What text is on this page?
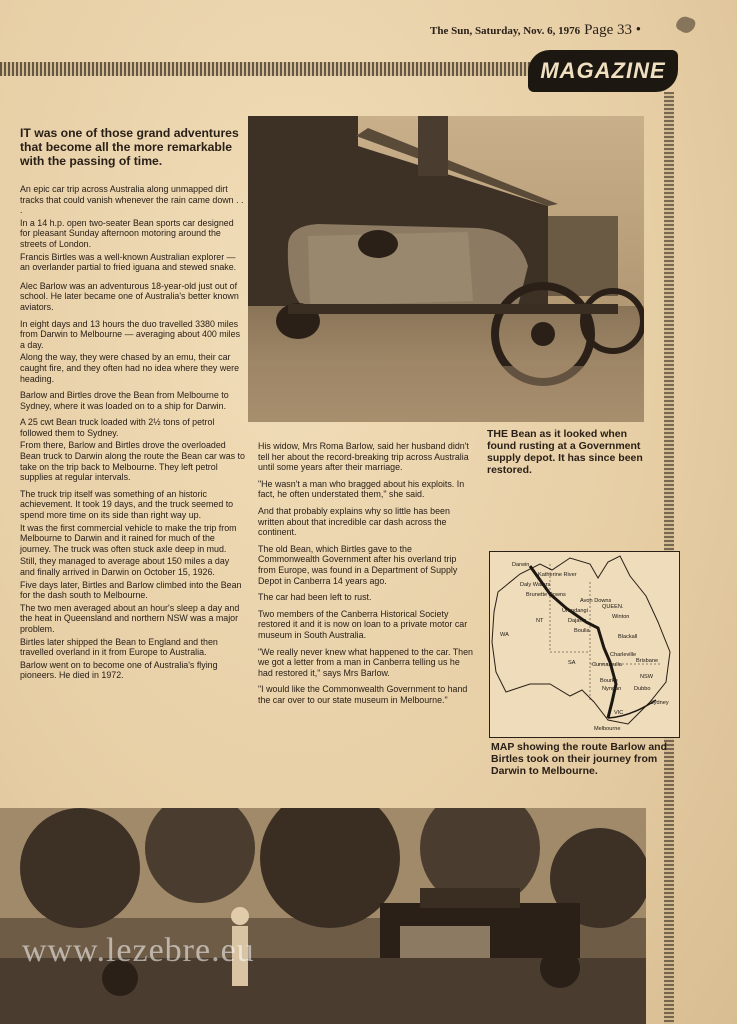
The Sun, Saturday, Nov. 6, 1976 Page 33 •
MAGAZINE
IT was one of those grand adventures that become all the more remarkable with the passing of time.

An epic car trip across Australia along unmapped dirt tracks that could vanish whenever the rain came down . . .

In a 14 h.p. open two-seater Bean sports car designed for pleasant Sunday afternoon motoring around the streets of London.

Francis Birtles was a well-known Australian explorer — an overlander partial to fried iguana and stewed snake.

Alec Barlow was an adventurous 18-year-old just out of school. He later became one of Australia's better known aviators.

In eight days and 13 hours the duo travelled 3380 miles from Darwin to Melbourne — averaging about 400 miles a day.

Along the way, they were chased by an emu, their car caught fire, and they often had no idea where they were heading.

Barlow and Birtles drove the Bean from Melbourne to Sydney, where it was loaded on to a ship for Darwin.

A 25 cwt Bean truck loaded with 2½ tons of petrol followed them to Sydney.

From there, Barlow and Birtles drove the overloaded Bean truck to Darwin along the route the Bean car was to take on the trip back to Melbourne. They left petrol supplies at regular intervals.

The truck trip itself was something of an historic achievement. It took 19 days, and the truck seemed to spend more time on its side than right way up.

It was the first commercial vehicle to make the trip from Melbourne to Darwin and it rained for much of the journey. The truck was often stuck axle deep in mud.

Still, they managed to average about 150 miles a day and finally arrived in Darwin on October 15, 1926.

Five days later, Birtles and Barlow climbed into the Bean for the dash south to Melbourne.

The two men averaged about an hour's sleep a day and the heat in Queensland and northern NSW was a major problem.

Birtles later shipped the Bean to England and then travelled overland in it from Europe to Australia.

Barlow went on to become one of Australia's flying pioneers. He died in 1972.

THE Bean as it looked when found rusting at a Government supply depot. It has since been restored.

His widow, Mrs Roma Barlow, said her husband didn't tell her about the record-breaking trip across Australia until some years after their marriage.

"He wasn't a man who bragged about his exploits. In fact, he often understated them," she said.

And that probably explains why so little has been written about that incredible car dash across the continent.

The old Bean, which Birtles gave to the Commonwealth Government after his overland trip from Europe, was found in a Department of Supply Depot in Canberra 14 years ago.

The car had been left to rust.

Two members of the Canberra Historical Society restored it and it is now on loan to a private motor car museum in South Australia.

"We really never knew what happened to the car. Then we got a letter from a man in Canberra telling us he had restored it," says Mrs Barlow.

"I would like the Commonwealth Government to hand the car over to our state museum in Melbourne."

Darwin
Katherine River
Daly Waters
Brunette Downs
Avon Downs
Urandangi
Dajarra
Winton
Boulia
Blackall
Charleville
Cunnamulla
Bourke
Brisbane
Nyngan Dubbo
Sydney
Melbourne
NT
QUEEN.
WA
SA
NSW
VIC
MAP showing the route Barlow and Birtles took on their journey from Darwin to Melbourne.
www.lezebre.eu
